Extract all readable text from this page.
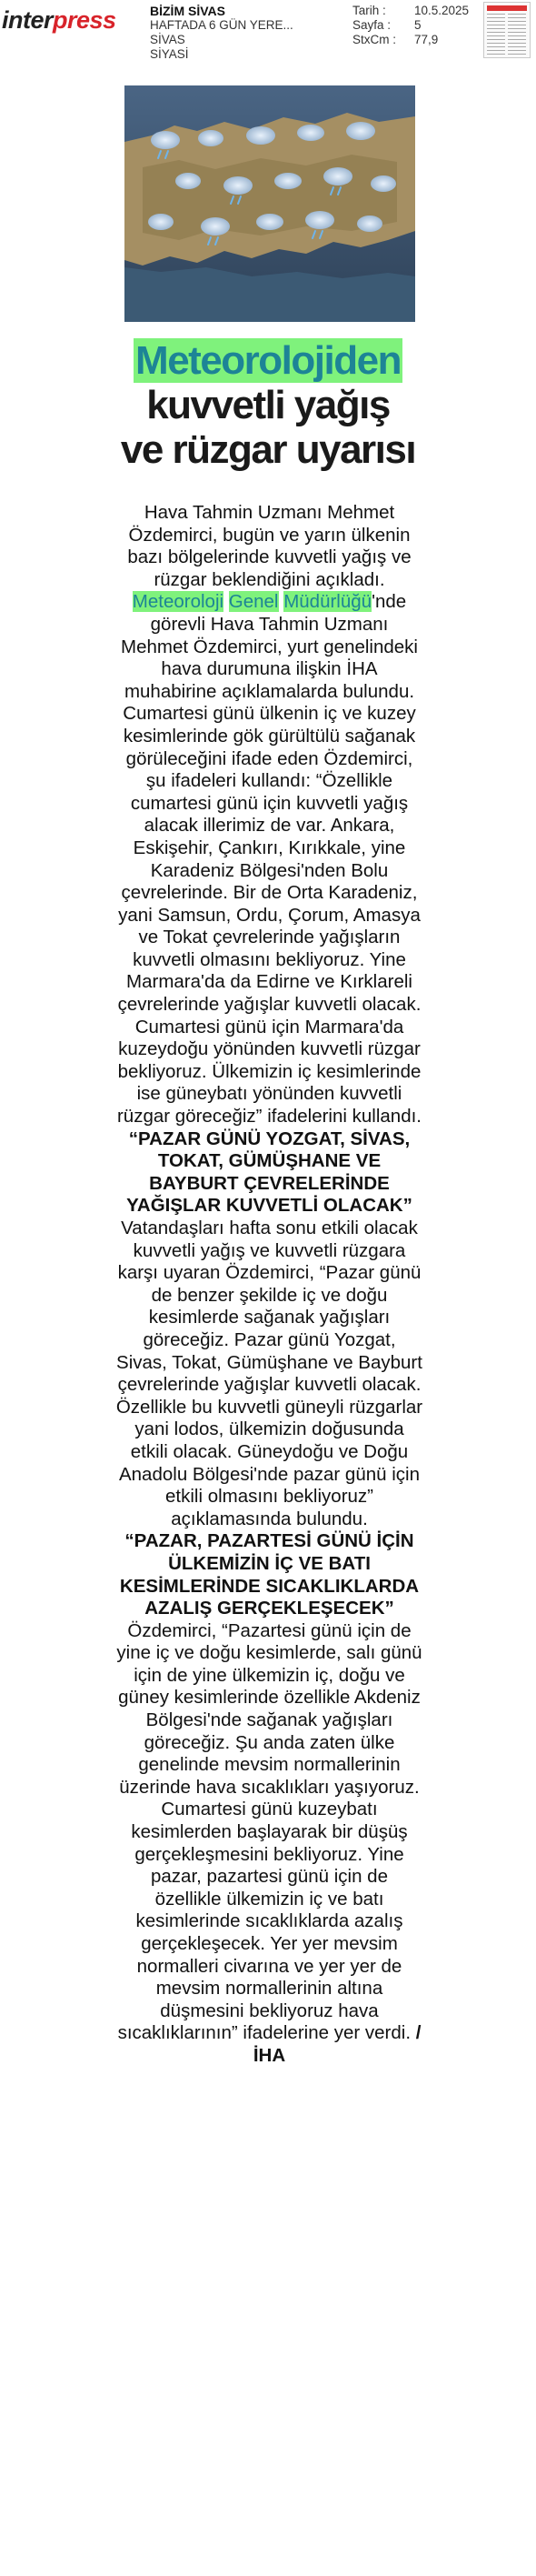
interpress	BİZİM SİVAS
HAFTADA 6 GÜN YERE...
SİVAS
SİYASİ
Tarih :	10.5.2025
Sayfa :	5
StxCm :	77,9
Meteorolojiden
kuvvetli yağış
ve rüzgar uyarısı

Hava Tahmin Uzmanı Mehmet Özdemirci, bugün ve yarın ülkenin bazı bölgelerinde kuvvetli yağış ve rüzgar beklendiğini açıkladı.

Meteoroloji Genel Müdürlüğü'nde görevli Hava Tahmin Uzmanı Mehmet Özdemirci, yurt genelindeki hava durumuna ilişkin İHA muhabirine açıklamalarda bulundu. Cumartesi günü ülkenin iç ve kuzey kesimlerinde gök gürültülü sağanak görüleceğini ifade eden Özdemirci, şu ifadeleri kullandı: “Özellikle cumartesi günü için kuvvetli yağış alacak illerimiz de var. Ankara, Eskişehir, Çankırı, Kırıkkale, yine Karadeniz Bölgesi'nden Bolu çevrelerinde. Bir de Orta Karadeniz, yani Samsun, Ordu, Çorum, Amasya ve Tokat çevrelerinde yağışların kuvvetli olmasını bekliyoruz. Yine Marmara'da da Edirne ve Kırklareli çevrelerinde yağışlar kuvvetli olacak. Cumartesi günü için Marmara'da kuzeydoğu yönünden kuvvetli rüzgar bekliyoruz. Ülkemizin iç kesimlerinde ise güneybatı yönünden kuvvetli rüzgar göreceğiz” ifadelerini kullandı.

“PAZAR GÜNÜ YOZGAT, SİVAS, TOKAT, GÜMÜŞHANE VE BAYBURT ÇEVRELERİNDE YAĞIŞLAR KUVVETLİ OLACAK”

Vatandaşları hafta sonu etkili olacak kuvvetli yağış ve kuvvetli rüzgara karşı uyaran Özdemirci, “Pazar günü de benzer şekilde iç ve doğu kesimlerde sağanak yağışları göreceğiz. Pazar günü Yozgat, Sivas, Tokat, Gümüşhane ve Bayburt çevrelerinde yağışlar kuvvetli olacak. Özellikle bu kuvvetli güneyli rüzgarlar yani lodos, ülkemizin doğusunda etkili olacak. Güneydoğu ve Doğu Anadolu Bölgesi'nde pazar günü için etkili olmasını bekliyoruz” açıklamasında bulundu.

“PAZAR, PAZARTESİ GÜNÜ İÇİN ÜLKEMİZİN İÇ VE BATI KESİMLERİNDE SICAKLIKLARDA AZALIŞ GERÇEKLEŞECEK”

Özdemirci, “Pazartesi günü için de yine iç ve doğu kesimlerde, salı günü için de yine ülkemizin iç, doğu ve güney kesimlerinde özellikle Akdeniz Bölgesi'nde sağanak yağışları göreceğiz. Şu anda zaten ülke genelinde mevsim normallerinin üzerinde hava sıcaklıkları yaşıyoruz. Cumartesi günü kuzeybatı kesimlerden başlayarak bir düşüş gerçekleşmesini bekliyoruz. Yine pazar, pazartesi günü için de özellikle ülkemizin iç ve batı kesimlerinde sıcaklıklarda azalış gerçekleşecek. Yer yer mevsim normalleri civarına ve yer yer de mevsim normallerinin altına düşmesini bekliyoruz hava sıcaklıklarının” ifadelerine yer verdi. / İHA
